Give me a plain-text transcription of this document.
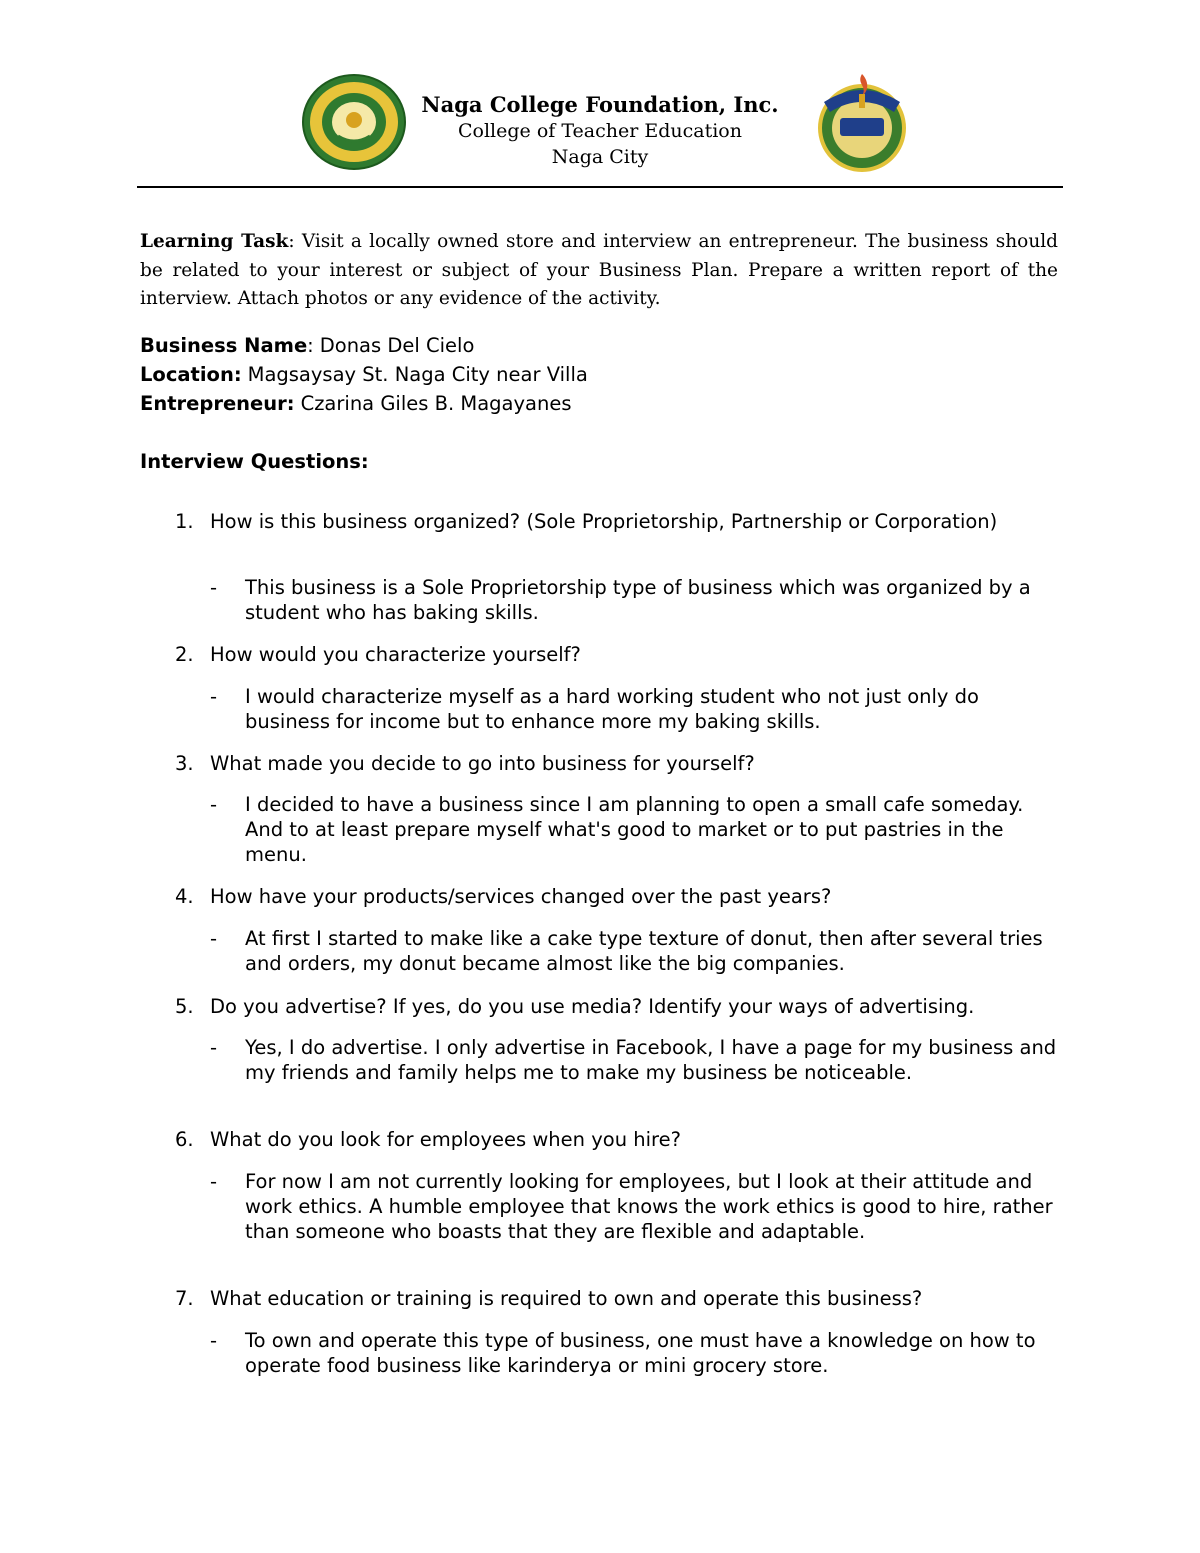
Naga College Foundation, Inc.
College of Teacher Education
Naga City
Learning Task: Visit a locally owned store and interview an entrepreneur. The business should be related to your interest or subject of your Business Plan. Prepare a written report of the interview. Attach photos or any evidence of the activity.
Business Name: Donas Del Cielo
Location: Magsaysay St. Naga City near Villa
Entrepreneur: Czarina Giles B. Magayanes
Interview Questions:
1. How is this business organized? (Sole Proprietorship, Partnership or Corporation)
- This business is a Sole Proprietorship type of business which was organized by a student who has baking skills.
2. How would you characterize yourself?
- I would characterize myself as a hard working student who not just only do business for income but to enhance more my baking skills.
3. What made you decide to go into business for yourself?
- I decided to have a business since I am planning to open a small cafe someday. And to at least prepare myself what's good to market or to put pastries in the menu.
4. How have your products/services changed over the past years?
- At first I started to make like a cake type texture of donut, then after several tries and orders, my donut became almost like the big companies.
5. Do you advertise? If yes, do you use media? Identify your ways of advertising.
- Yes, I do advertise. I only advertise in Facebook, I have a page for my business and my friends and family helps me to make my business be noticeable.
6. What do you look for employees when you hire?
- For now I am not currently looking for employees, but I look at their attitude and work ethics. A humble employee that knows the work ethics is good to hire, rather than someone who boasts that they are flexible and adaptable.
7. What education or training is required to own and operate this business?
- To own and operate this type of business, one must have a knowledge on how to operate food business like karinderya or mini grocery store.
